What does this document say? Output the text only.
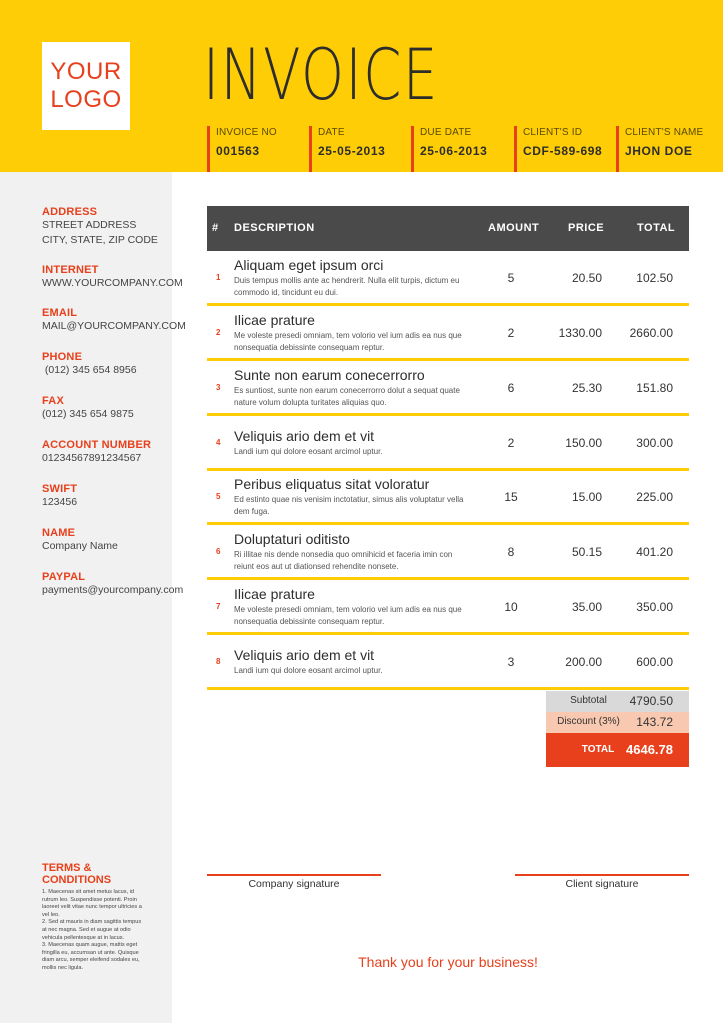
YOUR
LOGO INVOICE
INVOICE NO
001563
DATE
25-05-2013
DUE DATE
25-06-2013
CLIENT'S ID
CDF-589-698
CLIENT'S NAME
JHON DOE
ADDRESS
STREET ADDRESS
CITY, STATE, ZIP CODE
INTERNET
WWW.YOURCOMPANY.COM
EMAIL
MAIL@YOURCOMPANY.COM
PHONE
(012) 345 654 8956
FAX
(012) 345 654 9875
ACCOUNT NUMBER
01234567891234567
SWIFT
123456
NAME
Company Name
PAYPAL
payments@yourcompany.com
TERMS & CONDITIONS
1. Maecenas sit amet metus lacus, id rutrum leo. Suspendisse potenti. Proin laoreet velit vitae nunc tempor ultricies a vel leo.
2. Sed at mauris in diam sagittis tempus at nec magna. Sed et augue at odio vehicula pellentesque at in lacus.
3. Maecenas quam augue, mattis eget fringilla eu, accumsan ut ante. Quisque diam arcu, semper eleifend sodales eu, mollis nec ligula.
# DESCRIPTION	AMOUNT	PRICE	TOTAL
1
Aliquam eget ipsum orci
Duis tempus mollis ante ac hendrerit. Nulla elit turpis, dictum eu commodo id, tincidunt eu dui.
5	20.50	102.50
2
Ilicae prature
Me voleste presedi omniam, tem volorio vel ium adis ea nus que nonsequatia debissinte consequam reptur.
2	1330.00	2660.00
3
Sunte non earum conecerrorro
Es suntiost, sunte non earum conecerrorro dolut a sequat quate nature volum dolupta turitates aliquias quo.
6	25.30	151.80
4 Veliquis ario dem et vit
Landi ium qui dolore eosant arcimol uptur.
2	150.00	300.00
5
Peribus eliquatus sitat voloratur
Ed estinto quae nis venisim inctotatiur, simus alis voluptatur vella dem fuga.
15	15.00	225.00
6
Doluptaturi oditisto
Ri illitae nis dende nonsedia quo omnihicid et faceria imin con reiunt eos aut ut diationsed rehendite nonsete.
8	50.15	401.20
7
Ilicae prature
Me voleste presedi omniam, tem volorio vel ium adis ea nus que nonsequatia debissinte consequam reptur.
10	35.00	350.00
8 Veliquis ario dem et vit
Landi ium qui dolore eosant arcimol uptur.
3	200.00	600.00
Subtotal	4790.50
Discount (3%)	143.72
TOTAL 4646.78
Company signature	Client signature
Thank you for your business!
